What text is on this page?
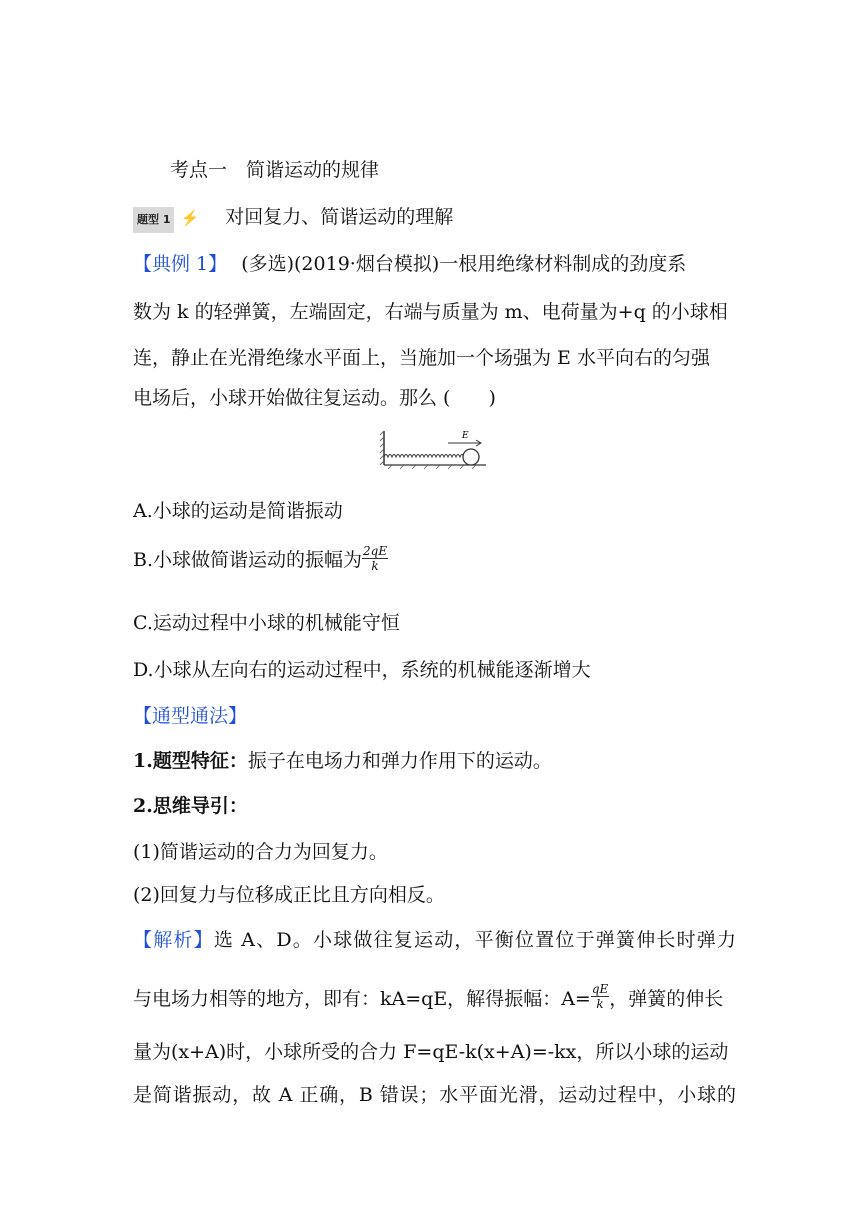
考点一　简谐运动的规律
题型 1 ⚡ 对回复力、简谐运动的理解
【典例 1】 (多选)(2019·烟台模拟)一根用绝缘材料制成的劲度系
数为 k 的轻弹簧，左端固定，右端与质量为 m、电荷量为+q 的小球相
连，静止在光滑绝缘水平面上，当施加一个场强为 E 水平向右的匀强
电场后，小球开始做往复运动。那么 (　　)
E
A.小球的运动是简谐振动
B.小球做简谐运动的振幅为 $\frac{2qE}{k}$
C.运动过程中小球的机械能守恒
D.小球从左向右的运动过程中，系统的机械能逐渐增大
【通型通法】
1.题型特征：振子在电场力和弹力作用下的运动。
2.思维导引：
(1)简谐运动的合力为回复力。
(2)回复力与位移成正比且方向相反。
【解析】选 A、D。小球做往复运动，平衡位置位于弹簧伸长时弹力
与电场力相等的地方，即有：kA=qE，解得振幅：$A= \frac{qE}{k}$ ，弹簧的伸长
量为(x+A)时，小球所受的合力 F=qE-k(x+A)=-kx，所以小球的运动
是简谐振动，故 A 正确，B 错误；水平面光滑，运动过程中，小球的
